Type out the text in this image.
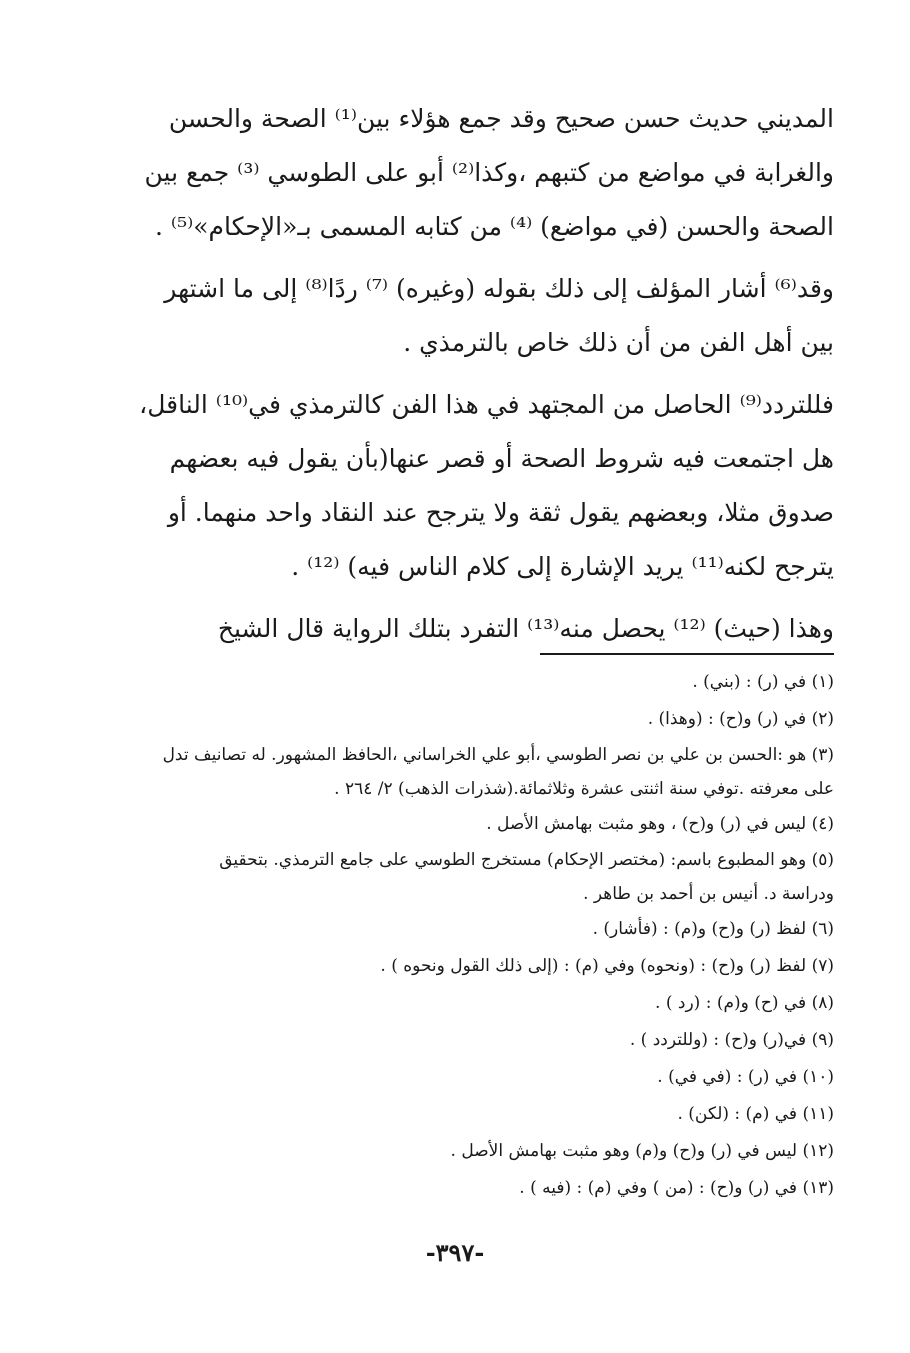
المديني حديث حسن صحيح وقد جمع هؤلاء بين⁽¹⁾ الصحة والحسن

والغرابة في مواضع من كتبهم ،وكذا⁽²⁾ أبو على الطوسي ⁽³⁾ جمع بين

الصحة والحسن (في مواضع) ⁽⁴⁾ من كتابه المسمى بـ«الإحكام»⁽⁵⁾ .

وقد⁽⁶⁾ أشار المؤلف إلى ذلك بقوله (وغيره) ⁽⁷⁾ ردًا⁽⁸⁾ إلى ما اشتهر

بين أهل الفن من أن ذلك خاص بالترمذي .

فللتردد⁽⁹⁾ الحاصل من المجتهد في هذا الفن كالترمذي في⁽¹⁰⁾ الناقل،

هل اجتمعت فيه شروط الصحة أو قصر عنها(بأن يقول فيه بعضهم

صدوق مثلا، وبعضهم يقول ثقة ولا يترجح عند النقاد واحد منهما. أو

يترجح لكنه⁽¹¹⁾ يريد الإشارة إلى كلام الناس فيه) ⁽¹²⁾ .

وهذا (حيث) ⁽¹²⁾ يحصل منه⁽¹³⁾ التفرد بتلك الرواية قال الشيخ

(١) في (ر) : (بني) .

(٢) في (ر) و(ح) : (وهذا) .

(٣) هو :الحسن بن علي بن نصر الطوسي ،أبو علي الخراساني ،الحافظ المشهور. له تصانيف تدل
على معرفته .توفي سنة اثنتى عشرة وثلاثمائة.(شذرات الذهب) ٢/ ٢٦٤ .

(٤) ليس في (ر) و(ح) ، وهو مثبت بهامش الأصل .

(٥) وهو المطبوع باسم: (مختصر الإحكام) مستخرج الطوسي على جامع الترمذي. بتحقيق
ودراسة د. أنيس بن أحمد بن طاهر .

(٦) لفظ (ر) و(ح) و(م) : (فأشار) .

(٧) لفظ (ر) و(ح) : (ونحوه) وفي (م) : (إلى ذلك القول ونحوه ) .

(٨) في (ح) و(م) : (رد ) .

(٩) في(ر) و(ح) : (وللتردد ) .

(١٠) في (ر) : (في في) .

(١١) في (م) : (لكن) .

(١٢) ليس في (ر) و(ح) و(م) وهو مثبت بهامش الأصل .

(١٣) في (ر) و(ح) : (من ) وفي (م) : (فيه ) .

-٣٩٧-
